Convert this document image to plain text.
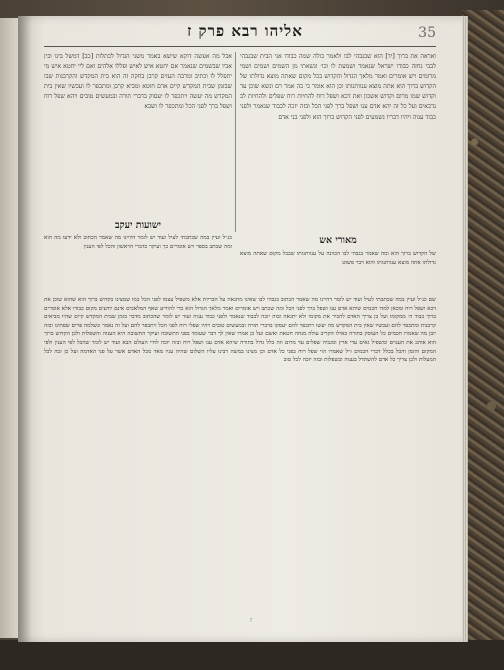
אליהו רבא פרק ז	35
ואראה את ברוך [יד] הוא שבגבהי לבו ולאמר כולה שמה כבודו אני הבית שבגבהי לבבי נחזה כבודו ישראל שנאמר ושמעת לו וכו׳ ונשאתי מן השמים ושמים ושמי מרומים ויש אומרים ואמר מלאך הגדול והקדוש בכל מקום שאתה מוצא גדולתו של הקדוש ברוך הוא אתה מוצא ענוותנותו וכן הוא אומר כי כה אמר רם ונשא שוכן עד וקדוש שמו מרום וקדוש אשכון ואת דכא ושפל רוח להחיות רוח שפלים ולהחיות לב נדכאים ועל כל זה יהא אדם ענו ושפל ברך לפני הכל ובזה יזכה לכבוד שנאמר ולפני כבוד ענוה ויהיו דבריו נשמעים לפני הקדוש ברוך הוא ולפני בני אדם
אבל מה אעשה דוקא שישא באמר משני הגדול לכתלות [כב] דמשל בינו ובין אביו שבשמים שנאמר אם יחטא איש לאיש ופללו אלהים ואם ליי יחטא איש מי יתפלל לו וכתיב ומרבה העזים קרבן בחקה זה הוא בית המקדש והקרבנות שבו שבזמן שבית המקדש קיים אדם חוטא ומביא קרבן ומתכפר לו ועכשיו שאין בית המקדש מה יעשה ויתכפר לו יעסוק בדברי תורה ובמעשים טובים ויהא שפל רוח ושפל ברך לפני הכל ומתכפר לו ושבא
ישועות יעקב
מאורי אש
כנ״ל ועיין במה שכתבתי לעיל ועוד יש לומר דהיינו מה שאמר הכתוב ולא ידעו מה הוא ומה שכתב בספר ויש אומרים כך ועיקר כדברי הראשון והכל לפי הענין
של הקדוש ברוך הוא ומה שאמר בגבהי לבו הכוונה על ענוותנותו שבכל מקום שאתה מוצא גדולתו אתה מוצא ענוותנותו והוא דבר פשוט
שם כנ״ל ועיין במה שכתבתי לעיל ועוד יש לומר דהיינו מה שאמר הכתוב בגבהי לבו שאינו מתגאה על הבריות אלא משפיל עצמו לפני הכל כמו שמצינו בקדוש ברוך הוא שהוא שוכן את דכא ושפל רוח ומכאן למדו חכמים שיהא אדם ענו ושפל ברך לפני הכל ומה שכתב ויש אומרים ואמר מלאך הגדול הוא כדי להודיע שאף המלאכים אינם יודעים מקום כבודו אלא אומרים ברוך כבוד ה׳ ממקומו ועל כן צריך האדם להכיר את מקומו ולא יתגאה ובזה יזכה לכבוד שנאמר ולפני כבוד ענוה ועוד יש לומר שהכתוב מדבר בזמן שבית המקדש קיים שהיו מביאים קרבנות ומתכפר להם ועכשיו שאין בית המקדש מה יעשו ויתכפר להם יעסקו בדברי תורה ובמעשים טובים ויהיו שפלי רוח לפני הכל ויתכפר להם ועל זה נאמר ונשלמה פרים שפתינו ובזה יובן מה שאמרו חכמים כל העוסק בתורה כאילו הקריב עולה מנחה חטאת ואשם ועל כן אמרו שאין לך דבר שעומד בפני התשובה ועיקר התשובה היא הענוה והשפלות ולכן הקדוש ברוך הוא אוהב את הענוים ומשפיל גאים עדי ארץ ומגביה שפלים עד מרום וזה כלל גדול בתורה שיהא אדם ענו ושפל רוח ובזה יזכה לחיי העולם הבא ועוד יש לומר שהכל לפי הענין ולפי המקום והזמן והכל בכלל דברי חכמים ז״ל שאמרו הוי שפל רוח בפני כל אדם וכן מצינו במשה רבינו עליו השלום שהיה עניו מאד מכל האדם אשר על פני האדמה ועל כן זכה לכל המעלות ולכן צריך כל אדם להשתדל בענוה ובשפלות ובזה יזכה לכל טוב
ז
